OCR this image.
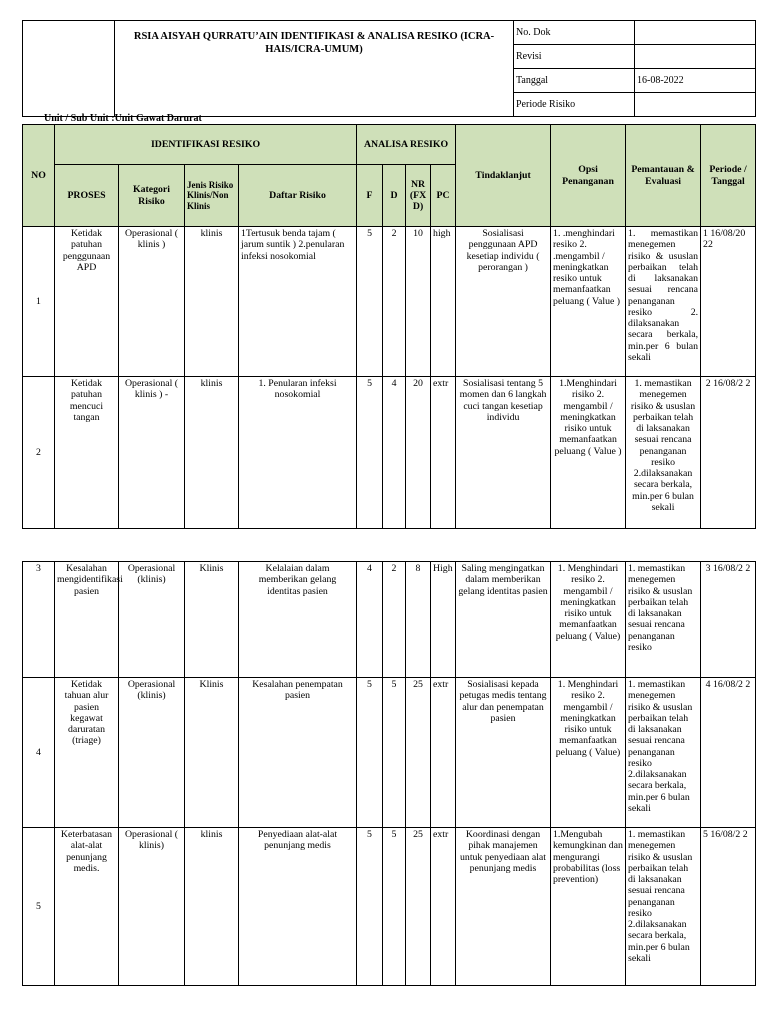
	RSIA AISYAH QURRATU’AIN IDENTIFIKASI & ANALISA RESIKO (ICRA-HAIS/ICRA-UMUM)	No. Dok	
		Revisi	
		Tanggal	16-08-2022
		Periode Risiko	
Unit / Sub Unit :Unit Gawat Darurat
NO	IDENTIFIKASI RESIKO				ANALISA RESIKO				Tindaklanjut	Opsi Penanganan	Pemantauan & Evaluasi	Periode / Tanggal
	PROSES	Kategori Risiko	Jenis Risiko Klinis/Non Klinis	Daftar Risiko	F	D	NR (FX D)	PC				
1	Ketidak patuhan penggunaan APD	Operasional ( klinis )	klinis	1Tertusuk benda tajam ( jarum suntik ) 2.penularan infeksi nosokomial	5	2	10	high	Sosialisasi penggunaan APD kesetiap individu ( perorangan )	1. .menghindari resiko 2. .mengambil / meningkatkan resiko untuk memanfaatkan peluang ( Value )	1. memastikan menegemen risiko & ususlan perbaikan telah di laksanakan sesuai rencana penanganan resiko 2. dilaksanakan secara berkala, min.per 6 bulan sekali	1 16/08/20 22
2	Ketidak patuhan mencuci tangan	Operasional ( klinis ) -	klinis	1. Penularan infeksi nosokomial	5	4	20	extr	Sosialisasi tentang 5 momen dan 6 langkah cuci tangan kesetiap individu	1.Menghindari risiko 2. mengambil / meningkatkan risiko untuk memanfaatkan peluang ( Value )	1. memastikan menegemen risiko & ususlan perbaikan telah di laksanakan sesuai rencana penanganan resiko 2.dilaksanakan secara berkala, min.per 6 bulan sekali	2 16/08/2 2
3	Kesalahan mengidentifikasi pasien	Operasional (klinis)	Klinis	Kelalaian dalam memberikan gelang identitas pasien	4	2	8	High	Saling mengingatkan dalam memberikan gelang identitas pasien	1. Menghindari resiko 2. mengambil / meningkatkan risiko untuk memanfaatkan peluang ( Value)	1. memastikan menegemen risiko & ususlan perbaikan telah di laksanakan sesuai rencana penanganan resiko	3 16/08/2 2
4	Ketidak tahuan alur pasien kegawat daruratan (triage)	Operasional (klinis)	Klinis	Kesalahan penempatan pasien	5	5	25	extr	Sosialisasi kepada petugas medis tentang alur dan penempatan pasien	1. Menghindari resiko 2. mengambil / meningkatkan risiko untuk memanfaatkan peluang ( Value)	1. memastikan menegemen risiko & ususlan perbaikan telah di laksanakan sesuai rencana penanganan resiko 2.dilaksanakan secara berkala, min.per 6 bulan sekali	4 16/08/2 2
5	Keterbatasan alat-alat penunjang medis.	Operasional ( klinis)	klinis	Penyediaan alat-alat penunjang medis	5	5	25	extr	Koordinasi dengan pihak manajemen untuk penyediaan alat penunjang medis	1.Mengubah kemungkinan dan mengurangi probabilitas (loss prevention)	1. memastikan menegemen risiko & ususlan perbaikan telah di laksanakan sesuai rencana penanganan resiko 2.dilaksanakan secara berkala, min.per 6 bulan sekali	5 16/08/2 2
